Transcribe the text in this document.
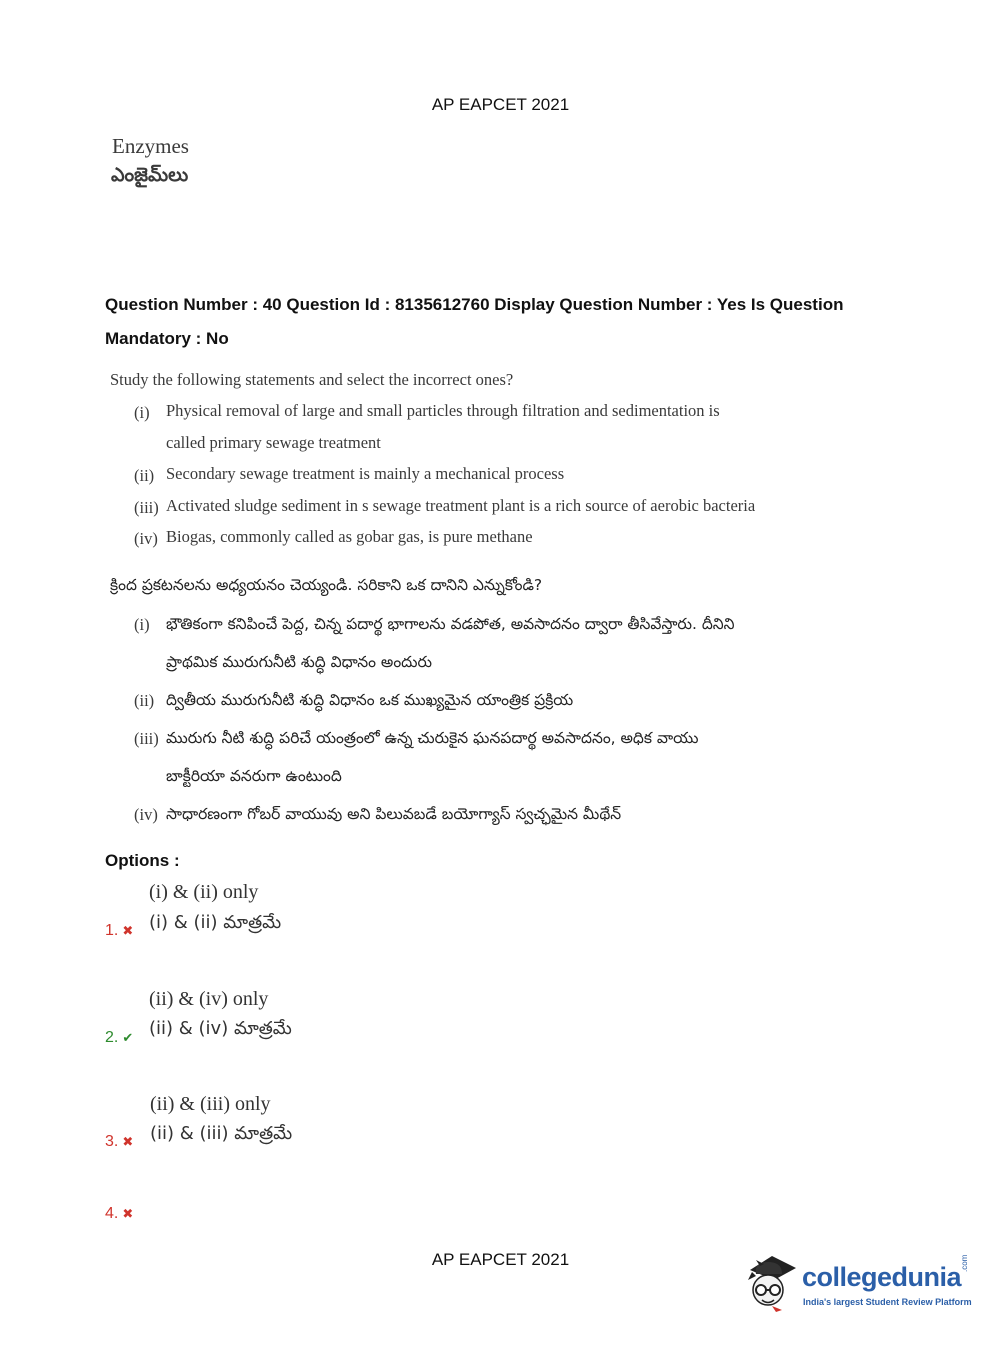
AP EAPCET 2021
Enzymes
ఎంజైమ్‌లు
Question Number : 40 Question Id : 8135612760 Display Question Number : Yes Is Question
Mandatory : No
Study the following statements and select the incorrect ones?
(i) Physical removal of large and small particles through filtration and sedimentation is
called primary sewage treatment
(ii) Secondary sewage treatment is mainly a mechanical process
(iii) Activated sludge sediment in s sewage treatment plant is a rich source of aerobic bacteria
(iv) Biogas, commonly called as gobar gas, is pure methane
క్రింద ప్రకటనలను అధ్యయనం చెయ్యండి. సరికాని ఒక దానిని ఎన్నుకోండి?
(i) భౌతికంగా కనిపించే పెద్ద, చిన్న పదార్థ భాగాలను వడపోత, అవసాదనం ద్వారా తీసివేస్తారు. దీనిని
ప్రాథమిక మురుగునీటి శుద్ధి విధానం అందురు
(ii) ద్వితీయ మురుగునీటి శుద్ధి విధానం ఒక ముఖ్యమైన యాంత్రిక ప్రక్రియ
(iii) మురుగు నీటి శుద్ధి పరిచే యంత్రంలో ఉన్న చురుకైన ఘనపదార్థ అవసాదనం, అధిక వాయు
బాక్టీరియా వనరుగా ఉంటుంది
(iv) సాధారణంగా గోబర్ వాయువు అని పిలువబడే బయోగ్యాస్ స్వచ్ఛమైన మీథేన్
Options :
(i) & (ii) only
(i) & (ii) మాత్రమే
1. ✖
(ii) & (iv) only
(ii) & (iv) మాత్రమే
2. ✔
(ii) & (iii) only
(ii) & (iii) మాత్రమే
3. ✖
4. ✖
AP EAPCET 2021
collegedunia
.com
India's largest Student Review Platform
